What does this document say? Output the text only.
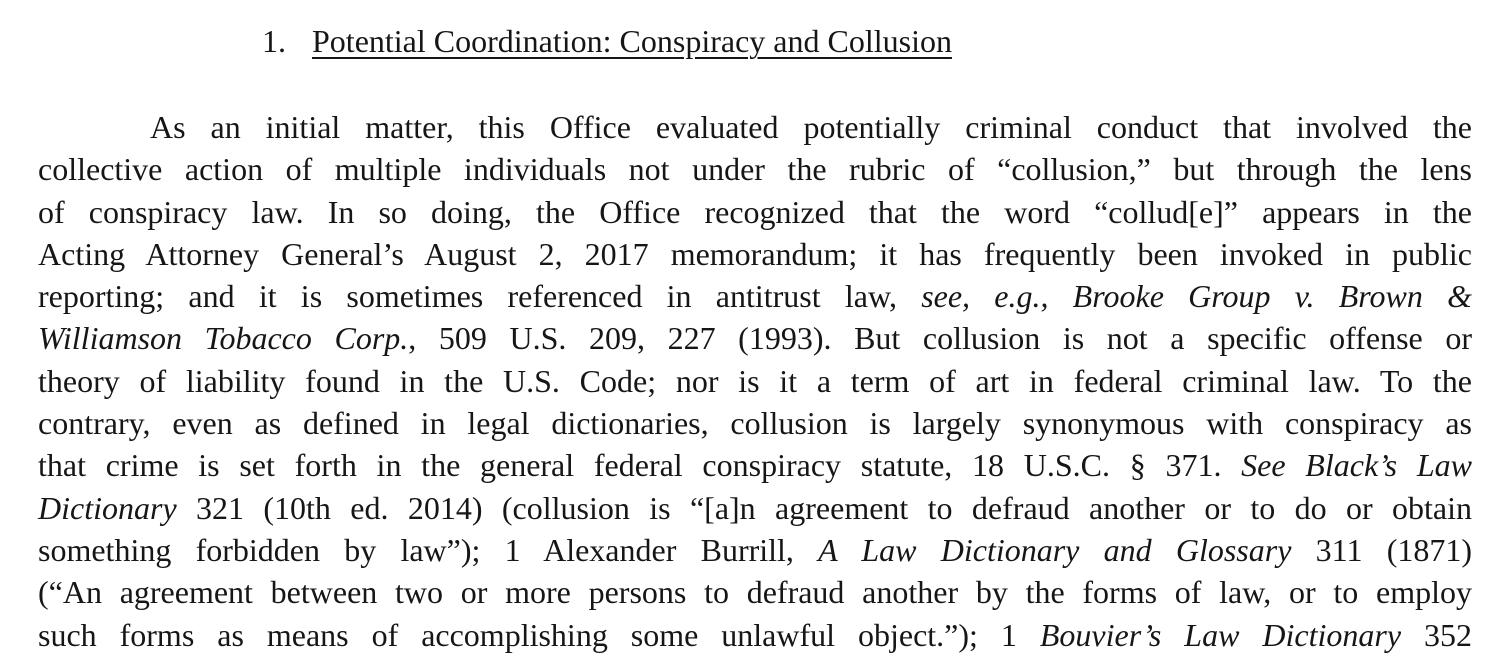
1. Potential Coordination: Conspiracy and Collusion
As an initial matter, this Office evaluated potentially criminal conduct that involved the
collective action of multiple individuals not under the rubric of “collusion,” but through the lens
of conspiracy law. In so doing, the Office recognized that the word “collud[e]” appears in the
Acting Attorney General’s August 2, 2017 memorandum; it has frequently been invoked in public
reporting; and it is sometimes referenced in antitrust law, see, e.g., Brooke Group v. Brown &
Williamson Tobacco Corp., 509 U.S. 209, 227 (1993). But collusion is not a specific offense or
theory of liability found in the U.S. Code; nor is it a term of art in federal criminal law. To the
contrary, even as defined in legal dictionaries, collusion is largely synonymous with conspiracy as
that crime is set forth in the general federal conspiracy statute, 18 U.S.C. § 371. See Black’s Law
Dictionary 321 (10th ed. 2014) (collusion is “[a]n agreement to defraud another or to do or obtain
something forbidden by law”); 1 Alexander Burrill, A Law Dictionary and Glossary 311 (1871)
(“An agreement between two or more persons to defraud another by the forms of law, or to employ
such forms as means of accomplishing some unlawful object.”); 1 Bouvier’s Law Dictionary 352
